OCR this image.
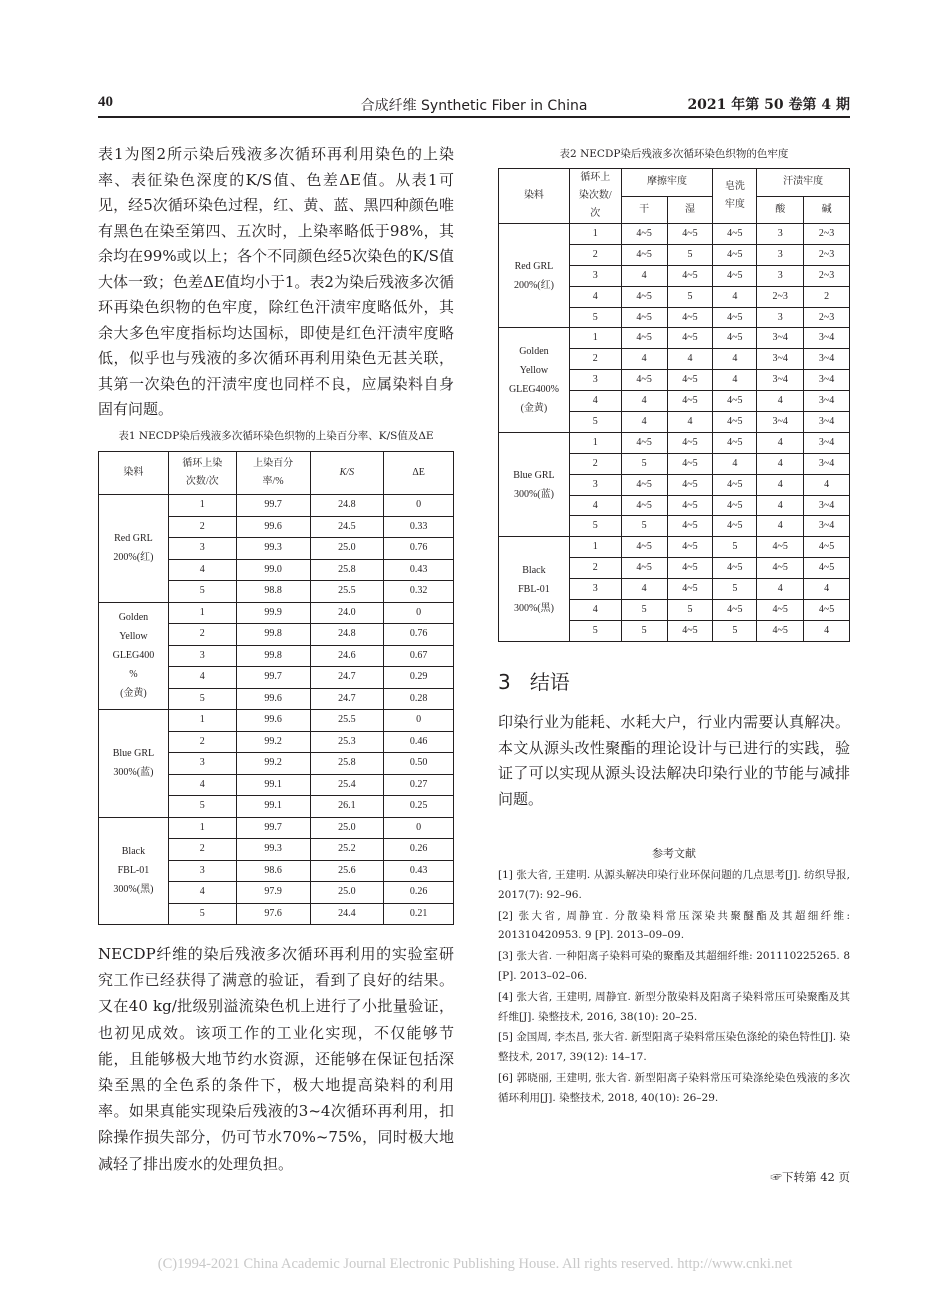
40	合成纤维 Synthetic Fiber in China	2021 年第 50 卷第 4 期
表1为图2所示染后残液多次循环再利用染色的上染率、表征染色深度的K/S值、色差ΔE值。从表1可见，经5次循环染色过程，红、黄、蓝、黑四种颜色唯有黑色在染至第四、五次时，上染率略低于98%，其余均在99%或以上；各个不同颜色经5次染色的K/S值大体一致；色差ΔE值均小于1。表2为染后残液多次循环再染色织物的色牢度，除红色汗渍牢度略低外，其余大多色牢度指标均达国标，即使是红色汗渍牢度略低，似乎也与残液的多次循环再利用染色无甚关联，其第一次染色的汗渍牢度也同样不良，应属染料自身固有问题。
表1 NECDP染后残液多次循环染色织物的上染百分率、K/S值及ΔE
染料	循环上染次数/次	上染百分率/%	K/S	ΔE

Red GRL
200%(红)	1	99.7	24.8	0
	2	99.6	24.5	0.33
	3	99.3	25.0	0.76
	4	99.0	25.8	0.43
	5	98.8	25.5	0.32

Golden
Yellow
GLEG400
%
(金黄)	1	99.9	24.0	0
	2	99.8	24.8	0.76
	3	99.8	24.6	0.67
	4	99.7	24.7	0.29
	5	99.6	24.7	0.28

Blue GRL
300%(蓝)	1	99.6	25.5	0
	2	99.2	25.3	0.46
	3	99.2	25.8	0.50
	4	99.1	25.4	0.27
	5	99.1	26.1	0.25

Black
FBL-01
300%(黑)	1	99.7	25.0	0
	2	99.3	25.2	0.26
	3	98.6	25.6	0.43
	4	97.9	25.0	0.26
	5	97.6	24.4	0.21
NECDP纤维的染后残液多次循环再利用的实验室研究工作已经获得了满意的验证，看到了良好的结果。又在40 kg/批级别溢流染色机上进行了小批量验证，也初见成效。该项工作的工业化实现，不仅能够节能，且能够极大地节约水资源，还能够在保证包括深染至黑的全色系的条件下，极大地提高染料的利用率。如果真能实现染后残液的3~4次循环再利用，扣除操作损失部分，仍可节水70%~75%，同时极大地减轻了排出废水的处理负担。
表2 NECDP染后残液多次循环染色织物的色牢度
染料	循环上染次数/次	摩擦牢度		皂洗牢度	汗渍牢度	
		干	湿		酸	碱

Red GRL
200%(红)	1	4~5	4~5	4~5	3	2~3
	2	4~5	5	4~5	3	2~3
	3	4	4~5	4~5	3	2~3
	4	4~5	5	4	2~3	2
	5	4~5	4~5	4~5	3	2~3

Golden
Yellow
GLEG400%
(金黄)	1	4~5	4~5	4~5	3~4	3~4
	2	4	4	4	3~4	3~4
	3	4~5	4~5	4	3~4	3~4
	4	4	4~5	4~5	4	3~4
	5	4	4	4~5	3~4	3~4

Blue GRL
300%(蓝)	1	4~5	4~5	4~5	4	3~4
	2	5	4~5	4	4	3~4
	3	4~5	4~5	4~5	4	4
	4	4~5	4~5	4~5	4	3~4
	5	5	4~5	4~5	4	3~4

Black
FBL-01
300%(黑)	1	4~5	4~5	5	4~5	4~5
	2	4~5	4~5	4~5	4~5	4~5
	3	4	4~5	5	4	4
	4	5	5	4~5	4~5	4~5
	5	5	4~5	5	4~5	4
3 结语
印染行业为能耗、水耗大户，行业内需要认真解决。本文从源头改性聚酯的理论设计与已进行的实践，验证了可以实现从源头设法解决印染行业的节能与减排问题。
参考文献
[1] 张大省, 王建明. 从源头解决印染行业环保问题的几点思考[J]. 纺织导报, 2017(7): 92–96.
[2] 张大省, 周静宜. 分散染料常压深染共聚醚酯及其超细纤维: 201310420953. 9 [P]. 2013–09–09.
[3] 张大省. 一种阳离子染料可染的聚酯及其超细纤维: 201110225265. 8 [P]. 2013–02–06.
[4] 张大省, 王建明, 周静宜. 新型分散染料及阳离子染料常压可染聚酯及其纤维[J]. 染整技术, 2016, 38(10): 20–25.
[5] 金国周, 李杰昌, 张大省. 新型阳离子染料常压染色涤纶的染色特性[J]. 染整技术, 2017, 39(12): 14–17.
[6] 郭晓丽, 王建明, 张大省. 新型阳离子染料常压可染涤纶染色残液的多次循环利用[J]. 染整技术, 2018, 40(10): 26–29.
☞下转第 42 页
(C)1994-2021 China Academic Journal Electronic Publishing House. All rights reserved. http://www.cnki.net
